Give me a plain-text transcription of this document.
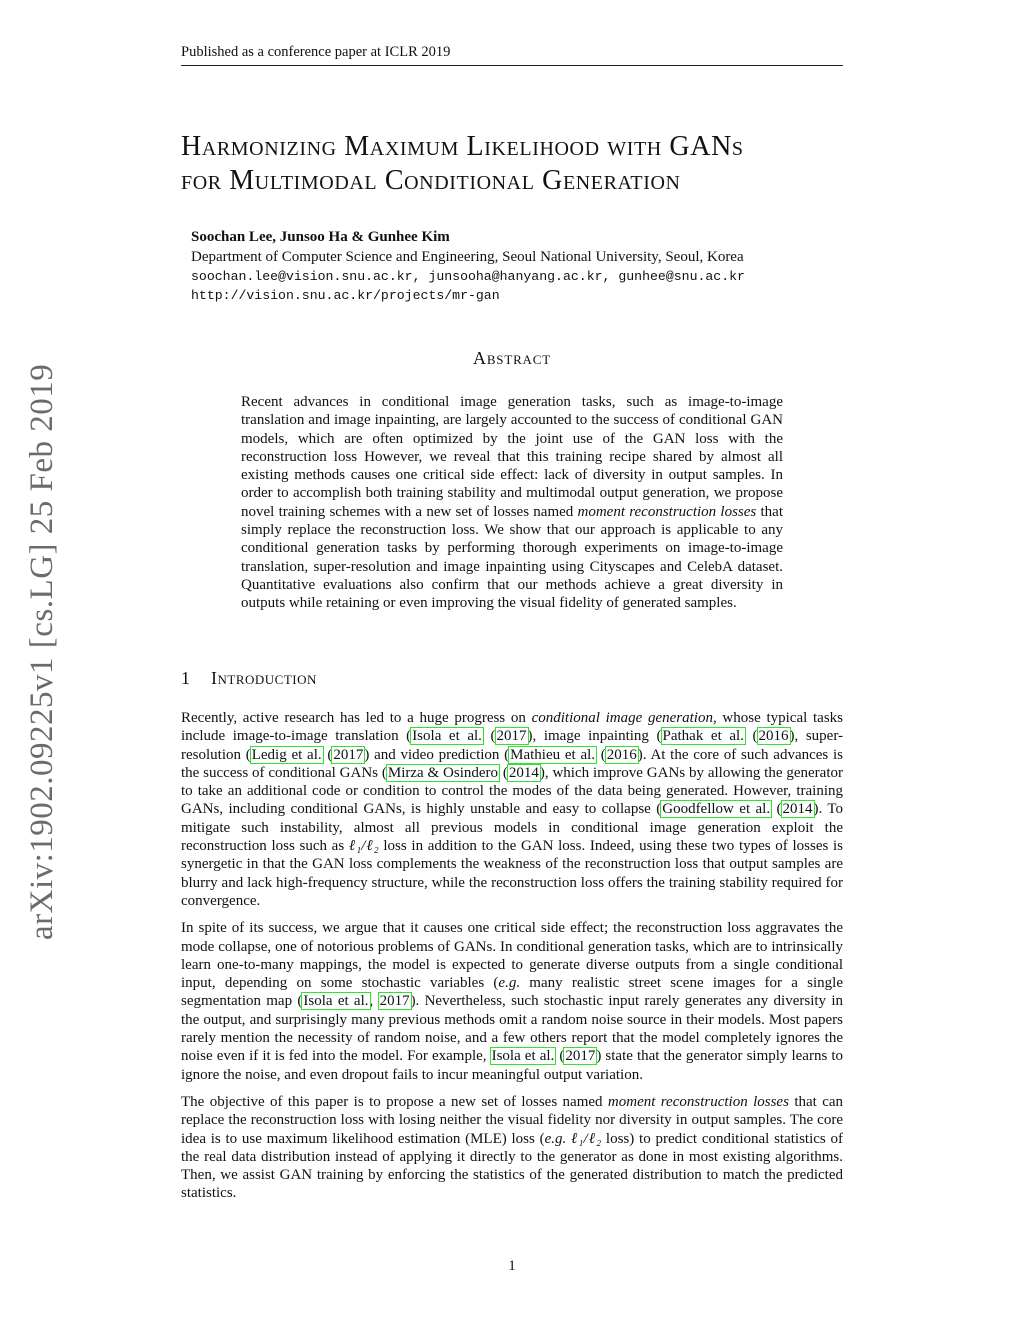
Published as a conference paper at ICLR 2019
arXiv:1902.09225v1 [cs.LG] 25 Feb 2019
Harmonizing Maximum Likelihood with GANs
for Multimodal Conditional Generation
Soochan Lee, Junsoo Ha & Gunhee Kim
Department of Computer Science and Engineering, Seoul National University, Seoul, Korea
soochan.lee@vision.snu.ac.kr, junsooha@hanyang.ac.kr, gunhee@snu.ac.kr
http://vision.snu.ac.kr/projects/mr-gan
Abstract
Recent advances in conditional image generation tasks, such as image-to-image translation and image inpainting, are largely accounted to the success of conditional GAN models, which are often optimized by the joint use of the GAN loss with the reconstruction loss However, we reveal that this training recipe shared by almost all existing methods causes one critical side effect: lack of diversity in output samples. In order to accomplish both training stability and multimodal output generation, we propose novel training schemes with a new set of losses named moment reconstruction losses that simply replace the reconstruction loss. We show that our approach is applicable to any conditional generation tasks by performing thorough experiments on image-to-image translation, super-resolution and image inpainting using Cityscapes and CelebA dataset. Quantitative evaluations also confirm that our methods achieve a great diversity in outputs while retaining or even improving the visual fidelity of generated samples.
1 Introduction

Recently, active research has led to a huge progress on conditional image generation, whose typical tasks include image-to-image translation (Isola et al. (2017), image inpainting (Pathak et al. (2016), super-resolution (Ledig et al. (2017) and video prediction (Mathieu et al. (2016). At the core of such advances is the success of conditional GANs (Mirza & Osindero (2014), which improve GANs by allowing the generator to take an additional code or condition to control the modes of the data being generated. However, training GANs, including conditional GANs, is highly unstable and easy to collapse (Goodfellow et al. (2014). To mitigate such instability, almost all previous models in conditional image generation exploit the reconstruction loss such as ℓ₁/ℓ₂ loss in addition to the GAN loss. Indeed, using these two types of losses is synergetic in that the GAN loss complements the weakness of the reconstruction loss that output samples are blurry and lack high-frequency structure, while the reconstruction loss offers the training stability required for convergence.

In spite of its success, we argue that it causes one critical side effect; the reconstruction loss aggravates the mode collapse, one of notorious problems of GANs. In conditional generation tasks, which are to intrinsically learn one-to-many mappings, the model is expected to generate diverse outputs from a single conditional input, depending on some stochastic variables (e.g. many realistic street scene images for a single segmentation map (Isola et al., 2017). Nevertheless, such stochastic input rarely generates any diversity in the output, and surprisingly many previous methods omit a random noise source in their models. Most papers rarely mention the necessity of random noise, and a few others report that the model completely ignores the noise even if it is fed into the model. For example, Isola et al. (2017) state that the generator simply learns to ignore the noise, and even dropout fails to incur meaningful output variation.

The objective of this paper is to propose a new set of losses named moment reconstruction losses that can replace the reconstruction loss with losing neither the visual fidelity nor diversity in output samples. The core idea is to use maximum likelihood estimation (MLE) loss (e.g. ℓ₁/ℓ₂ loss) to predict conditional statistics of the real data distribution instead of applying it directly to the generator as done in most existing algorithms. Then, we assist GAN training by enforcing the statistics of the generated distribution to match the predicted statistics.

1
